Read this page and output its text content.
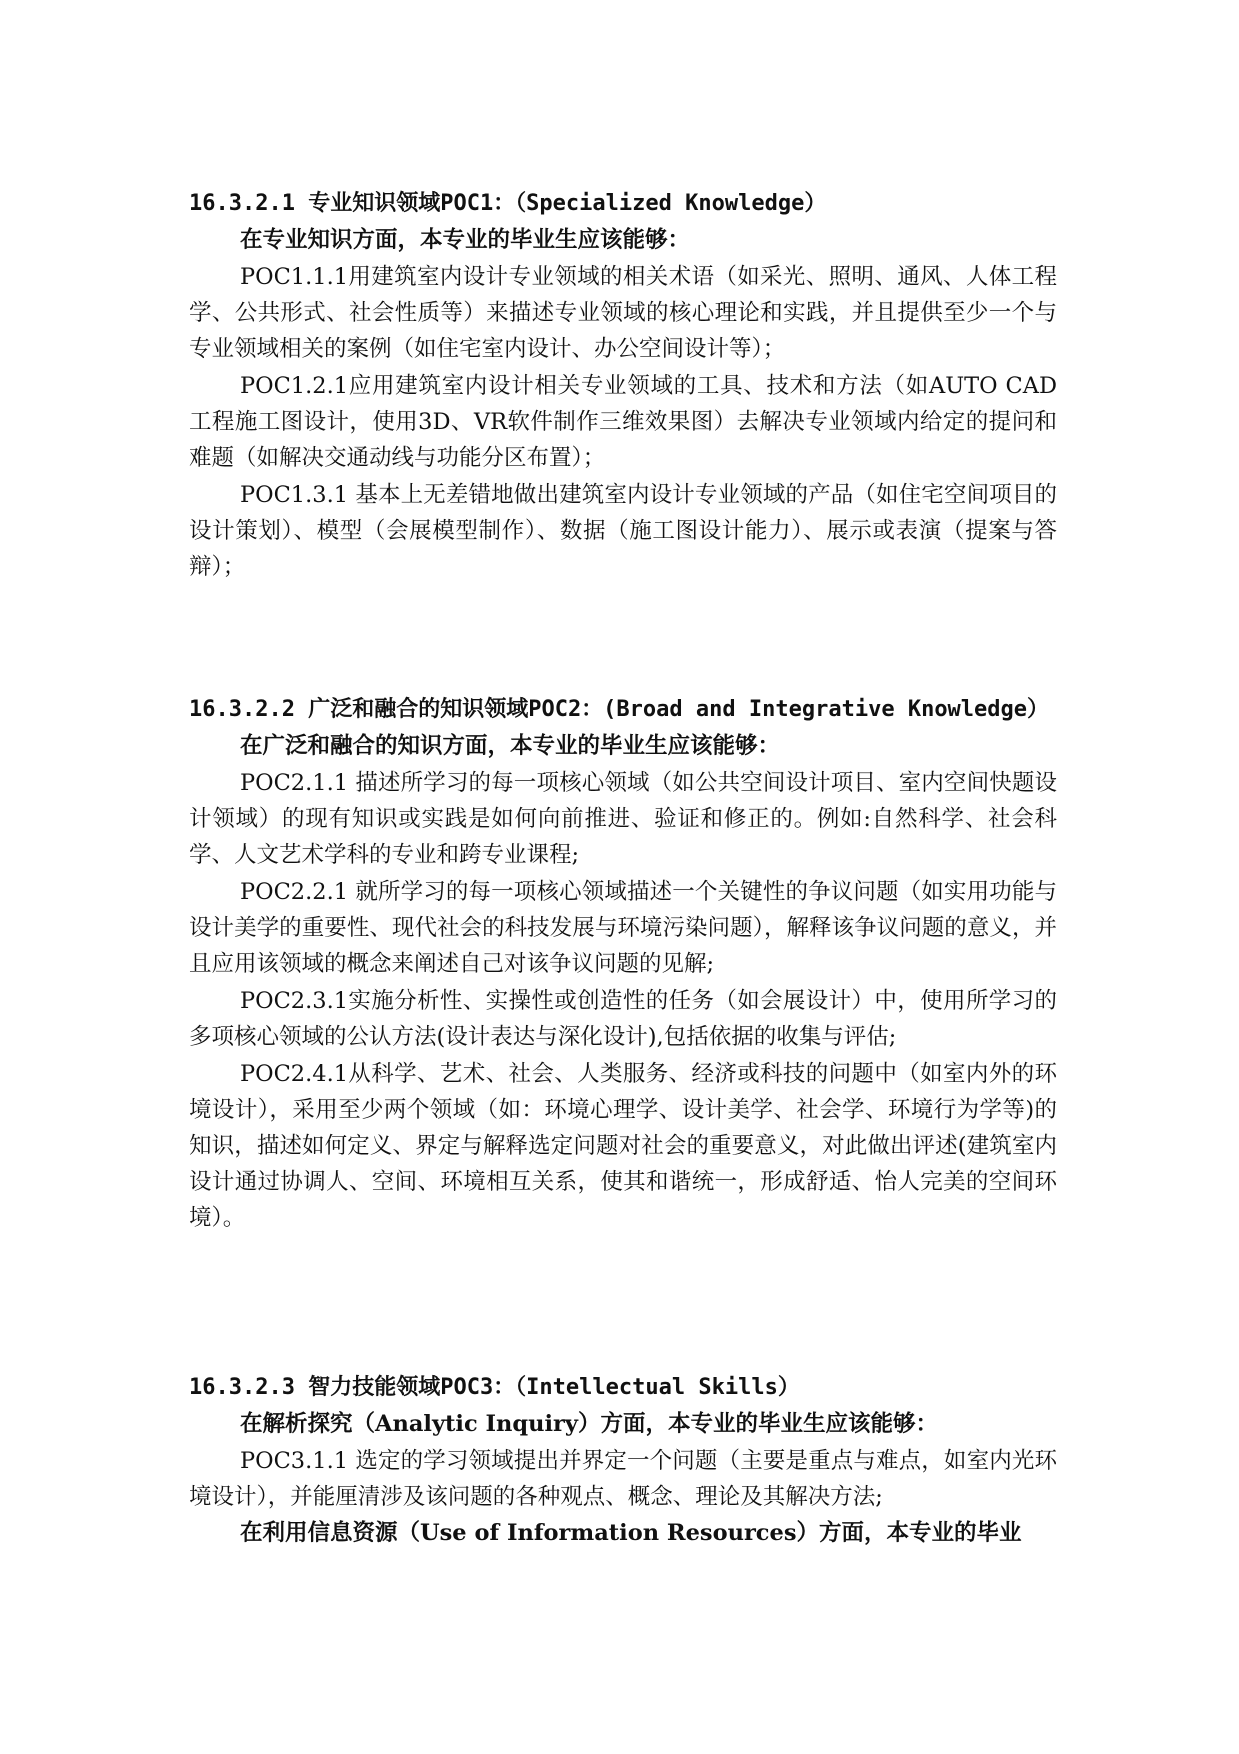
16.3.2.1 专业知识领域POC1：（Specialized Knowledge）

在专业知识方面，本专业的毕业生应该能够：

POC1.1.1用建筑室内设计专业领域的相关术语（如采光、照明、通风、人体工程学、公共形式、社会性质等）来描述专业领域的核心理论和实践，并且提供至少一个与专业领域相关的案例（如住宅室内设计、办公空间设计等）；

POC1.2.1应用建筑室内设计相关专业领域的工具、技术和方法（如AUTO CAD工程施工图设计，使用3D、VR软件制作三维效果图）去解决专业领域内给定的提问和难题（如解决交通动线与功能分区布置）；

POC1.3.1 基本上无差错地做出建筑室内设计专业领域的产品（如住宅空间项目的设计策划）、模型（会展模型制作）、数据（施工图设计能力）、展示或表演（提案与答辩）；

16.3.2.2 广泛和融合的知识领域POC2：(Broad and Integrative Knowledge）

在广泛和融合的知识方面，本专业的毕业生应该能够：

POC2.1.1 描述所学习的每一项核心领域（如公共空间设计项目、室内空间快题设计领域）的现有知识或实践是如何向前推进、验证和修正的。例如:自然科学、社会科学、人文艺术学科的专业和跨专业课程;

POC2.2.1 就所学习的每一项核心领域描述一个关键性的争议问题（如实用功能与设计美学的重要性、现代社会的科技发展与环境污染问题），解释该争议问题的意义，并且应用该领域的概念来阐述自己对该争议问题的见解;

POC2.3.1实施分析性、实操性或创造性的任务（如会展设计）中，使用所学习的多项核心领域的公认方法(设计表达与深化设计),包括依据的收集与评估;

POC2.4.1从科学、艺术、社会、人类服务、经济或科技的问题中（如室内外的环境设计），采用至少两个领域（如：环境心理学、设计美学、社会学、环境行为学等)的知识，描述如何定义、界定与解释选定问题对社会的重要意义，对此做出评述(建筑室内设计通过协调人、空间、环境相互关系，使其和谐统一，形成舒适、怡人完美的空间环境）。

16.3.2.3 智力技能领域POC3：（Intellectual Skills）

在解析探究（Analytic Inquiry）方面，本专业的毕业生应该能够：

POC3.1.1 选定的学习领域提出并界定一个问题（主要是重点与难点，如室内光环境设计），并能厘清涉及该问题的各种观点、概念、理论及其解决方法;

在利用信息资源（Use of Information Resources）方面，本专业的毕业
